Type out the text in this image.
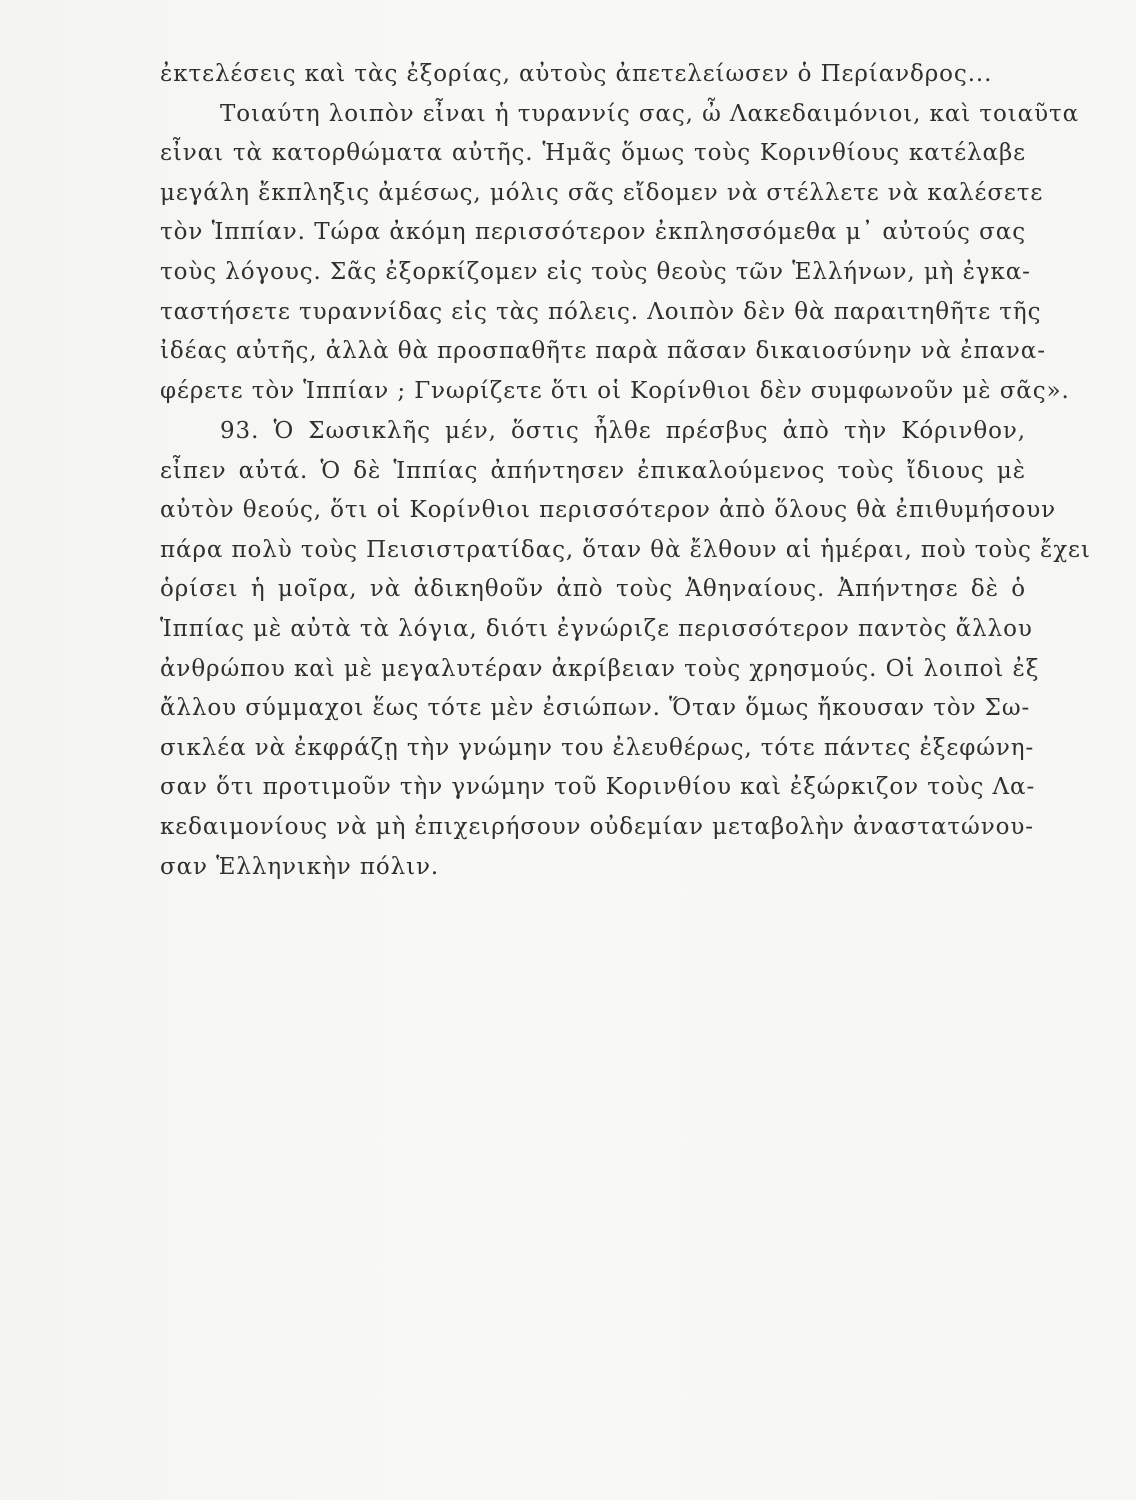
ἐκτελέσεις καὶ τὰς ἐξορίας, αὐτοὺς ἀπετελείωσεν ὁ Περίανδρος...
Τοιαύτη λοιπὸν εἶναι ἡ τυραννίς σας, ὦ Λακεδαιμόνιοι, καὶ τοιαῦτα
εἶναι τὰ κατορθώματα αὐτῆς. Ἡμᾶς ὅμως τοὺς Κορινθίους κατέλαβε
μεγάλη ἔκπληξις ἀμέσως, μόλις σᾶς εἴδομεν νὰ στέλλετε νὰ καλέσετε
τὸν Ἱππίαν. Τώρα ἀκόμη περισσότερον ἐκπλησσόμεθα μ᾽ αὐτούς σας
τοὺς λόγους. Σᾶς ἐξορκίζομεν εἰς τοὺς θεοὺς τῶν Ἑλλήνων, μὴ ἐγκα-
ταστήσετε τυραννίδας εἰς τὰς πόλεις. Λοιπὸν δὲν θὰ παραιτηθῆτε τῆς
ἰδέας αὐτῆς, ἀλλὰ θὰ προσπαθῆτε παρὰ πᾶσαν δικαιοσύνην νὰ ἐπανα-
φέρετε τὸν Ἱππίαν ; Γνωρίζετε ὅτι οἱ Κορίνθιοι δὲν συμφωνοῦν μὲ σᾶς».
93. Ὁ Σωσικλῆς μέν, ὅστις ἦλθε πρέσβυς ἀπὸ τὴν Κόρινθον,
εἶπεν αὐτά. Ὁ δὲ Ἱππίας ἀπήντησεν ἐπικαλούμενος τοὺς ἴδιους μὲ
αὐτὸν θεούς, ὅτι οἱ Κορίνθιοι περισσότερον ἀπὸ ὅλους θὰ ἐπιθυμήσουν
πάρα πολὺ τοὺς Πεισιστρατίδας, ὅταν θὰ ἔλθουν αἱ ἡμέραι, ποὺ τοὺς ἔχει
ὁρίσει ἡ μοῖρα, νὰ ἀδικηθοῦν ἀπὸ τοὺς Ἀθηναίους. Ἀπήντησε δὲ ὁ
Ἱππίας μὲ αὐτὰ τὰ λόγια, διότι ἐγνώριζε περισσότερον παντὸς ἄλλου
ἀνθρώπου καὶ μὲ μεγαλυτέραν ἀκρίβειαν τοὺς χρησμούς. Οἱ λοιποὶ ἐξ
ἄλλου σύμμαχοι ἕως τότε μὲν ἐσιώπων. Ὅταν ὅμως ἤκουσαν τὸν Σω-
σικλέα νὰ ἐκφράζῃ τὴν γνώμην του ἐλευθέρως, τότε πάντες ἐξεφώνη-
σαν ὅτι προτιμοῦν τὴν γνώμην τοῦ Κορινθίου καὶ ἐξώρκιζον τοὺς Λα-
κεδαιμονίους νὰ μὴ ἐπιχειρήσουν οὐδεμίαν μεταβολὴν ἀναστατώνου-
σαν Ἑλληνικὴν πόλιν.
